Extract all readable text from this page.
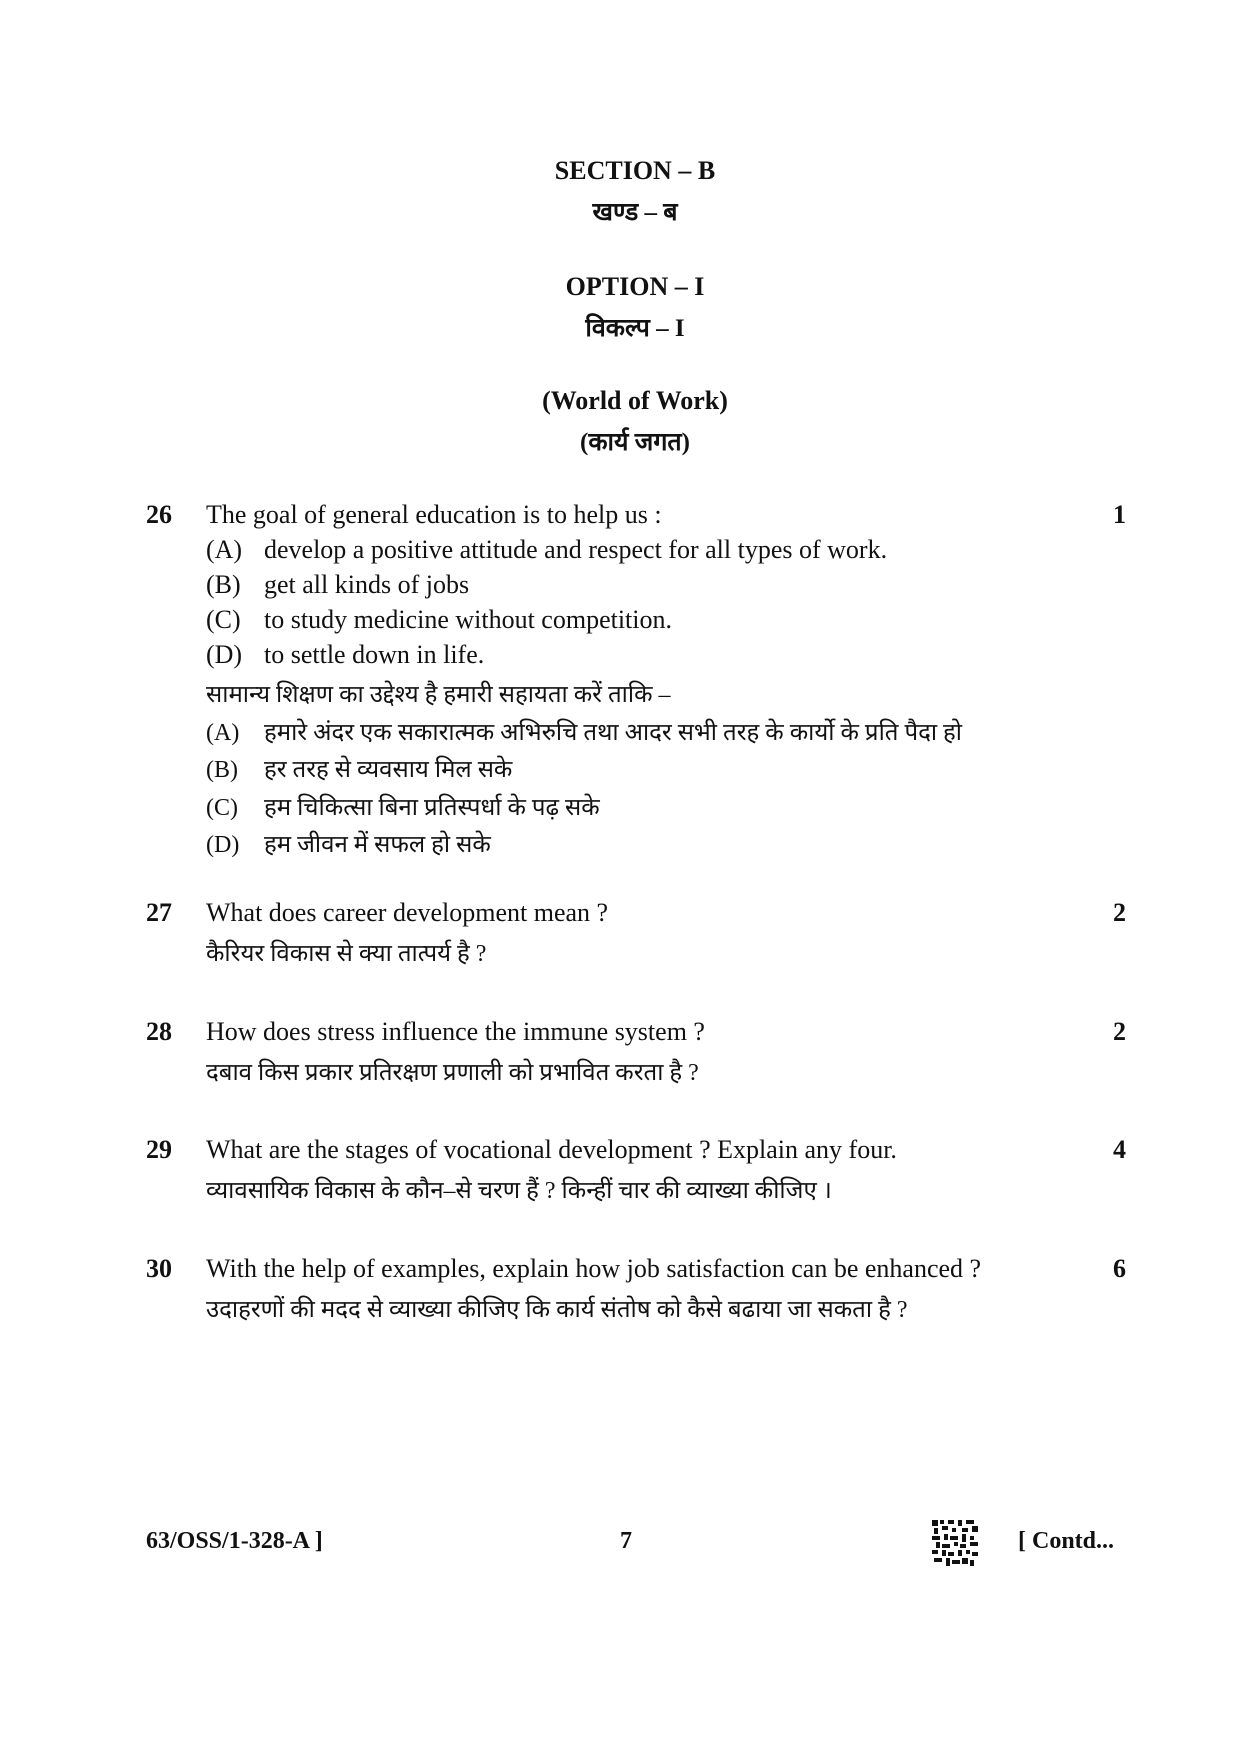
SECTION – B
खण्ड – ब
OPTION – I
विकल्प – I
(World of Work)
(कार्य जगत)
26	1
The goal of general education is to help us :
(A) develop a positive attitude and respect for all types of work.
(B) get all kinds of jobs
(C) to study medicine without competition.
(D) to settle down in life.
सामान्य शिक्षण का उद्देश्य है हमारी सहायता करें ताकि –
(A) हमारे अंदर एक सकारात्मक अभिरुचि तथा आदर सभी तरह के कार्यो के प्रति पैदा हो
(B) हर तरह से व्यवसाय मिल सके
(C) हम चिकित्सा बिना प्रतिस्पर्धा के पढ़ सके
(D) हम जीवन में सफल हो सके
27	2
What does career development mean ?
कैरियर विकास से क्या तात्पर्य है ?
28	2
How does stress influence the immune system ?
दबाव किस प्रकार प्रतिरक्षण प्रणाली को प्रभावित करता है ?
29	4
What are the stages of vocational development ? Explain any four.
व्यावसायिक विकास के कौन–से चरण हैं ? किन्हीं चार की व्याख्या कीजिए ।
30	6
With the help of examples, explain how job satisfaction can be enhanced ?
उदाहरणों की मदद से व्याख्या कीजिए कि कार्य संतोष को कैसे बढाया जा सकता है ?
63/OSS/1-328-A ]	7	[ Contd...
